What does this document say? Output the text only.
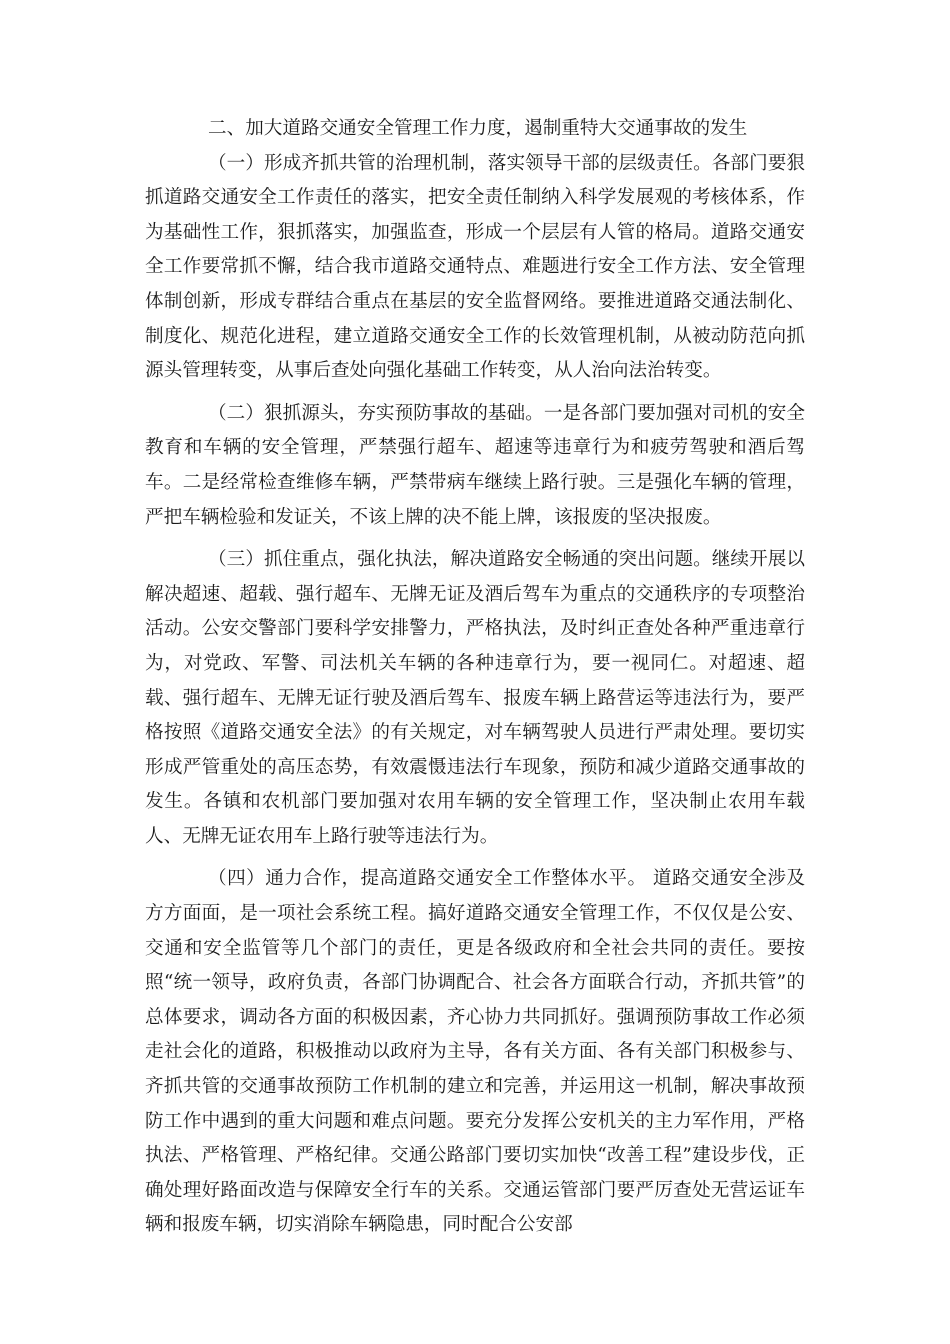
二、加大道路交通安全管理工作力度，遏制重特大交通事故的发生

（一）形成齐抓共管的治理机制，落实领导干部的层级责任。各部门要狠抓道路交通安全工作责任的落实，把安全责任制纳入科学发展观的考核体系，作为基础性工作，狠抓落实，加强监查，形成一个层层有人管的格局。道路交通安全工作要常抓不懈，结合我市道路交通特点、难题进行安全工作方法、安全管理体制创新，形成专群结合重点在基层的安全监督网络。要推进道路交通法制化、制度化、规范化进程，建立道路交通安全工作的长效管理机制，从被动防范向抓源头管理转变，从事后查处向强化基础工作转变，从人治向法治转变。

（二）狠抓源头，夯实预防事故的基础。一是各部门要加强对司机的安全教育和车辆的安全管理，严禁强行超车、超速等违章行为和疲劳驾驶和酒后驾车。二是经常检查维修车辆，严禁带病车继续上路行驶。三是强化车辆的管理，严把车辆检验和发证关，不该上牌的决不能上牌，该报废的坚决报废。

（三）抓住重点，强化执法，解决道路安全畅通的突出问题。继续开展以解决超速、超载、强行超车、无牌无证及酒后驾车为重点的交通秩序的专项整治活动。公安交警部门要科学安排警力，严格执法，及时纠正查处各种严重违章行为，对党政、军警、司法机关车辆的各种违章行为，要一视同仁。对超速、超载、强行超车、无牌无证行驶及酒后驾车、报废车辆上路营运等违法行为，要严格按照《道路交通安全法》的有关规定，对车辆驾驶人员进行严肃处理。要切实形成严管重处的高压态势，有效震慑违法行车现象，预防和减少道路交通事故的发生。各镇和农机部门要加强对农用车辆的安全管理工作，坚决制止农用车载人、无牌无证农用车上路行驶等违法行为。

（四）通力合作，提高道路交通安全工作整体水平。 道路交通安全涉及方方面面，是一项社会系统工程。搞好道路交通安全管理工作，不仅仅是公安、交通和安全监管等几个部门的责任，更是各级政府和全社会共同的责任。要按照“统一领导，政府负责，各部门协调配合、社会各方面联合行动，齐抓共管”的总体要求，调动各方面的积极因素，齐心协力共同抓好。强调预防事故工作必须走社会化的道路，积极推动以政府为主导，各有关方面、各有关部门积极参与、齐抓共管的交通事故预防工作机制的建立和完善，并运用这一机制，解决事故预防工作中遇到的重大问题和难点问题。要充分发挥公安机关的主力军作用，严格执法、严格管理、严格纪律。交通公路部门要切实加快“改善工程”建设步伐，正确处理好路面改造与保障安全行车的关系。交通运管部门要严厉查处无营运证车辆和报废车辆，切实消除车辆隐患，同时配合公安部
